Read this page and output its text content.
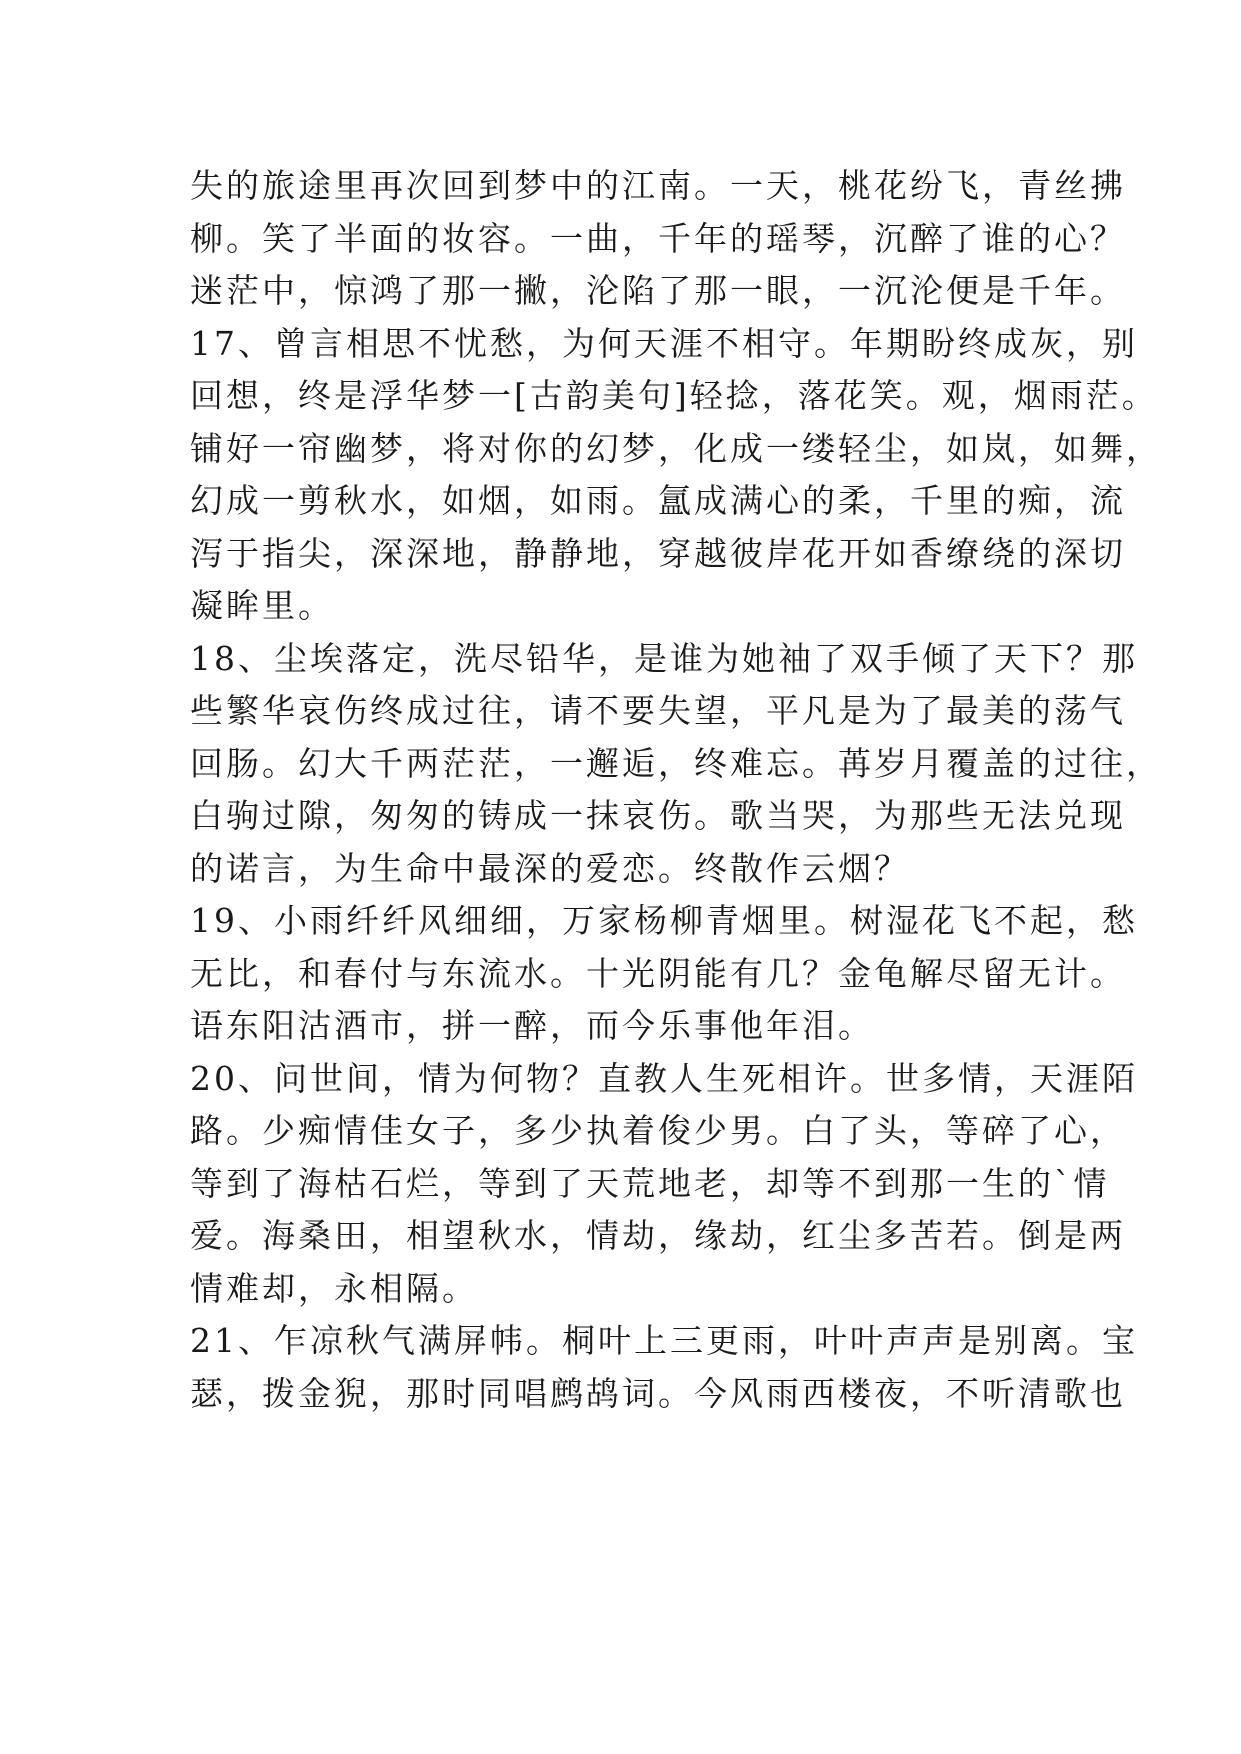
失的旅途里再次回到梦中的江南。一天，桃花纷飞，青丝拂
柳。笑了半面的妆容。一曲，千年的瑶琴，沉醉了谁的心？
迷茫中，惊鸿了那一撇，沦陷了那一眼，一沉沦便是千年。
17、曾言相思不忧愁，为何天涯不相守。年期盼终成灰，别
回想，终是浮华梦一[古韵美句]轻捻，落花笑。观，烟雨茫。
铺好一帘幽梦，将对你的幻梦，化成一缕轻尘，如岚，如舞，
幻成一剪秋水，如烟，如雨。氲成满心的柔，千里的痴，流
泻于指尖，深深地，静静地，穿越彼岸花开如香缭绕的深切
凝眸里。
18、尘埃落定，洗尽铅华，是谁为她袖了双手倾了天下？那
些繁华哀伤终成过往，请不要失望，平凡是为了最美的荡气
回肠。幻大千两茫茫，一邂逅，终难忘。苒岁月覆盖的过往，
白驹过隙，匆匆的铸成一抹哀伤。歌当哭，为那些无法兑现
的诺言，为生命中最深的爱恋。终散作云烟？
19、小雨纤纤风细细，万家杨柳青烟里。树湿花飞不起，愁
无比，和春付与东流水。十光阴能有几？金龟解尽留无计。
语东阳沽酒市，拼一醉，而今乐事他年泪。
20、问世间，情为何物？直教人生死相许。世多情，天涯陌
路。少痴情佳女子，多少执着俊少男。白了头，等碎了心，
等到了海枯石烂，等到了天荒地老，却等不到那一生的`情
爱。海桑田，相望秋水，情劫，缘劫，红尘多苦若。倒是两
情难却，永相隔。
21、乍凉秋气满屏帏。桐叶上三更雨，叶叶声声是别离。宝
瑟，拨金猊，那时同唱鹧鸪词。今风雨西楼夜，不听清歌也
